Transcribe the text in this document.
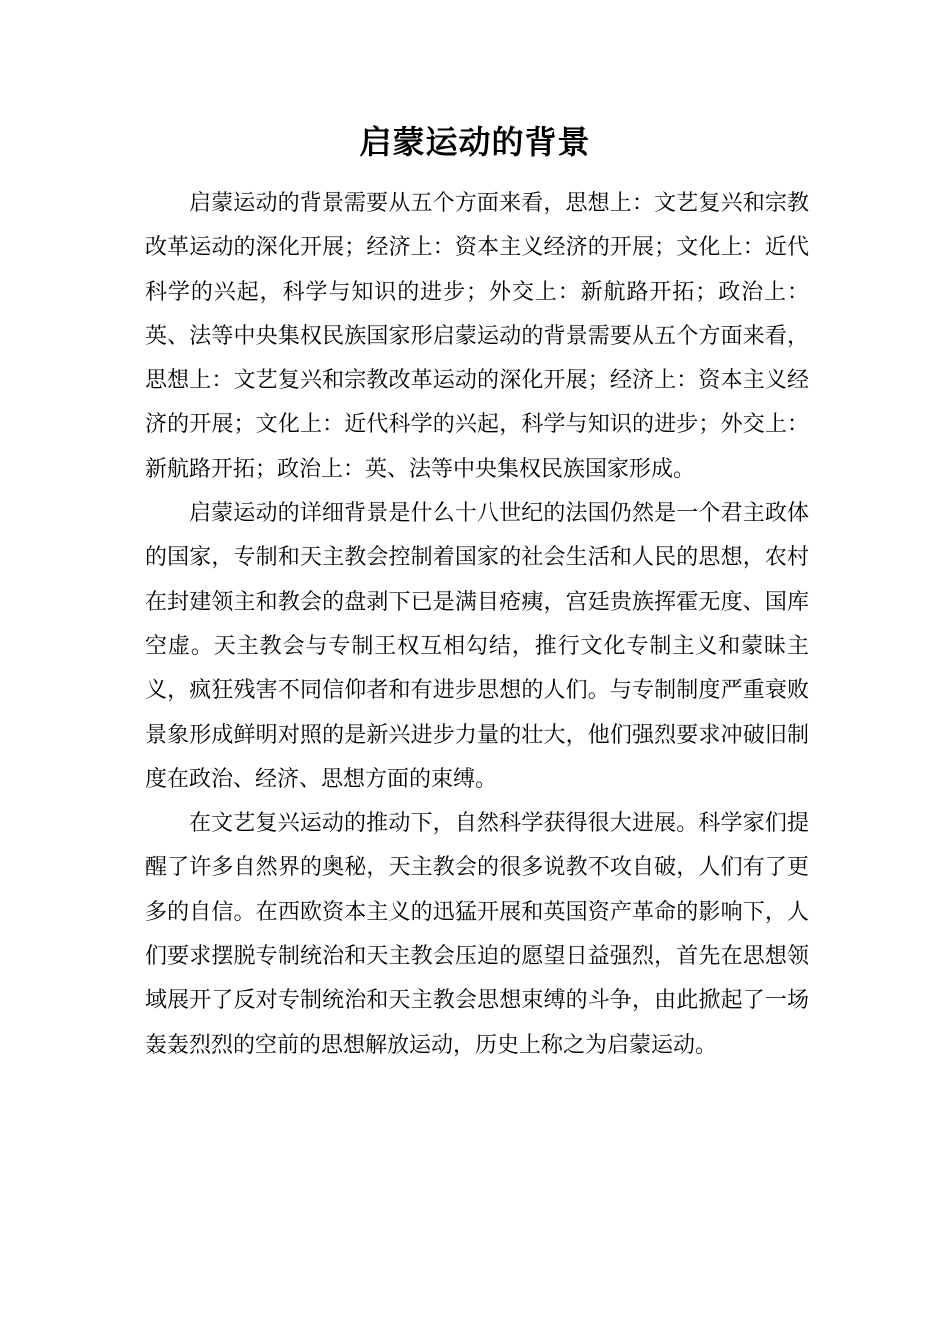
启蒙运动的背景

启蒙运动的背景需要从五个方面来看，思想上：文艺复兴和宗教改革运动的深化开展；经济上：资本主义经济的开展；文化上：近代科学的兴起，科学与知识的进步；外交上：新航路开拓；政治上：英、法等中央集权民族国家形启蒙运动的背景需要从五个方面来看，思想上：文艺复兴和宗教改革运动的深化开展；经济上：资本主义经济的开展；文化上：近代科学的兴起，科学与知识的进步；外交上：新航路开拓；政治上：英、法等中央集权民族国家形成。

启蒙运动的详细背景是什么十八世纪的法国仍然是一个君主政体的国家，专制和天主教会控制着国家的社会生活和人民的思想，农村在封建领主和教会的盘剥下已是满目疮痍，宫廷贵族挥霍无度、国库空虚。天主教会与专制王权互相勾结，推行文化专制主义和蒙昧主义，疯狂残害不同信仰者和有进步思想的人们。与专制制度严重衰败景象形成鲜明对照的是新兴进步力量的壮大，他们强烈要求冲破旧制度在政治、经济、思想方面的束缚。

在文艺复兴运动的推动下，自然科学获得很大进展。科学家们提醒了许多自然界的奥秘，天主教会的很多说教不攻自破，人们有了更多的自信。在西欧资本主义的迅猛开展和英国资产革命的影响下，人们要求摆脱专制统治和天主教会压迫的愿望日益强烈，首先在思想领域展开了反对专制统治和天主教会思想束缚的斗争，由此掀起了一场轰轰烈烈的空前的思想解放运动，历史上称之为启蒙运动。
